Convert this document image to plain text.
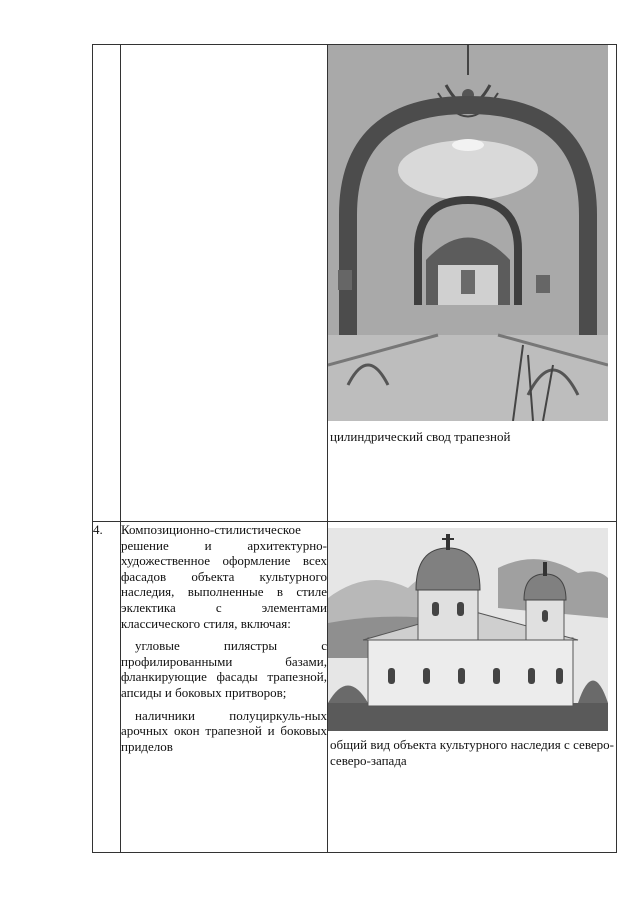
		цилиндрический свод трапезной

4.	Композиционно-стилистическое решение и архитектурно-художественное оформление всех фасадов объекта культурного наследия, выполненные в стиле эклектика с элементами классического стиля, включая:

угловые пилястры с профилированными базами, фланкирующие фасады трапезной, апсиды и боковых притворов;

наличники полуциркуль-ных арочных окон трапезной и боковых приделов	общий вид объекта культурного наследия с северо-северо-запада
